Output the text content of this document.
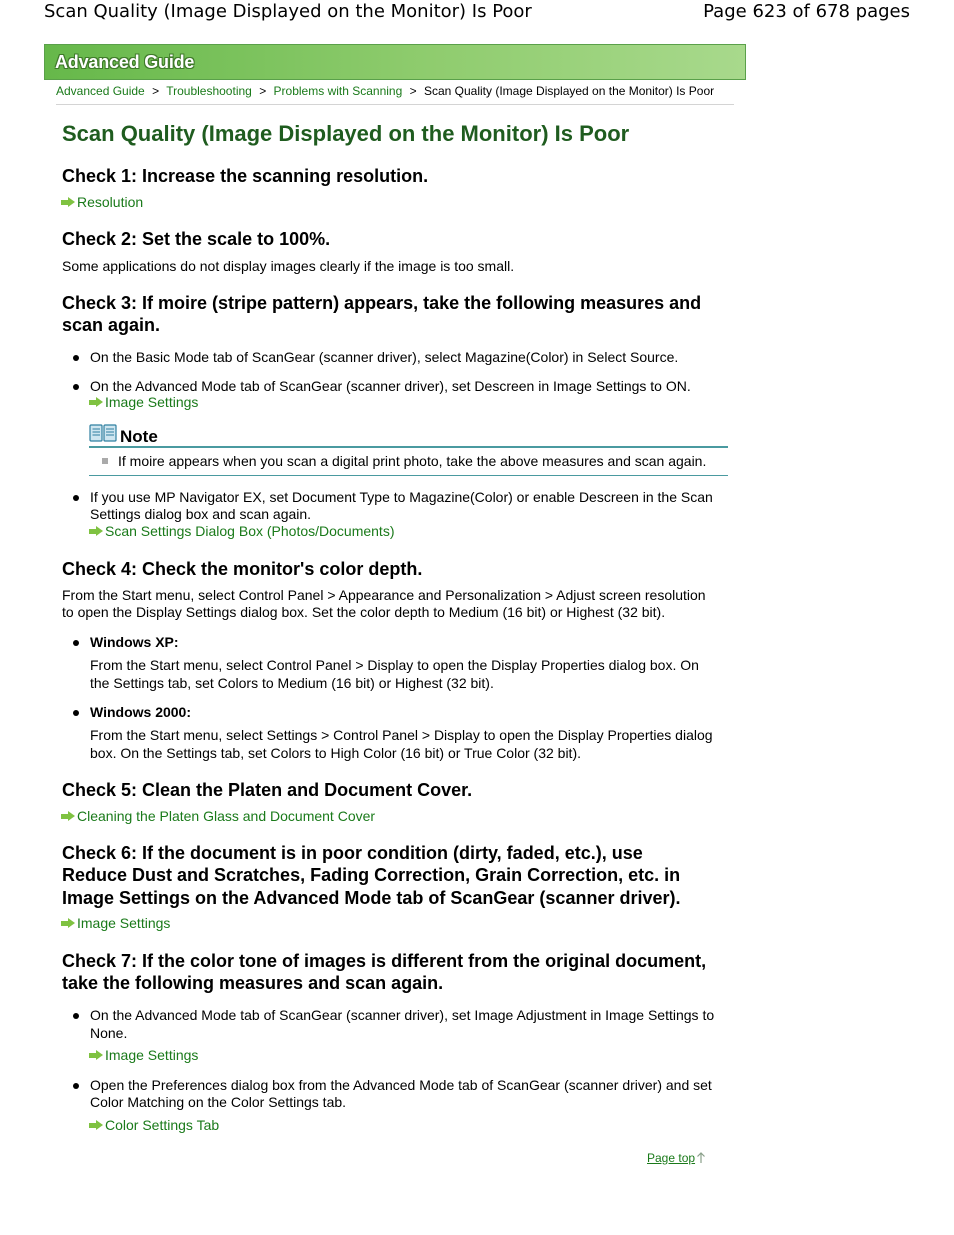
Scan Quality (Image Displayed on the Monitor) Is Poor	Page 623 of 678 pages
Advanced Guide
Advanced Guide > Troubleshooting > Problems with Scanning > Scan Quality (Image Displayed on the Monitor) Is Poor
Scan Quality (Image Displayed on the Monitor) Is Poor
Check 1: Increase the scanning resolution.
Resolution
Check 2: Set the scale to 100%.

Some applications do not display images clearly if the image is too small.

Check 3: If moire (stripe pattern) appears, take the following measures and
scan again.
On the Basic Mode tab of ScanGear (scanner driver), select Magazine(Color) in Select Source.
On the Advanced Mode tab of ScanGear (scanner driver), set Descreen in Image Settings to ON.
Image Settings
Note
If moire appears when you scan a digital print photo, take the above measures and scan again.
If you use MP Navigator EX, set Document Type to Magazine(Color) or enable Descreen in the Scan

Settings dialog box and scan again.

Scan Settings Dialog Box (Photos/Documents)
Check 4: Check the monitor's color depth.

From the Start menu, select Control Panel > Appearance and Personalization > Adjust screen resolution

to open the Display Settings dialog box. Set the color depth to Medium (16 bit) or Highest (32 bit).

Windows XP:

From the Start menu, select Control Panel > Display to open the Display Properties dialog box. On

the Settings tab, set Colors to Medium (16 bit) or Highest (32 bit).

Windows 2000:

From the Start menu, select Settings > Control Panel > Display to open the Display Properties dialog

box. On the Settings tab, set Colors to High Color (16 bit) or True Color (32 bit).

Check 5: Clean the Platen and Document Cover.
Cleaning the Platen Glass and Document Cover
Check 6: If the document is in poor condition (dirty, faded, etc.), use
Reduce Dust and Scratches, Fading Correction, Grain Correction, etc. in
Image Settings on the Advanced Mode tab of ScanGear (scanner driver).
Image Settings
Check 7: If the color tone of images is different from the original document,
take the following measures and scan again.
On the Advanced Mode tab of ScanGear (scanner driver), set Image Adjustment in Image Settings to

None.

Image Settings
Open the Preferences dialog box from the Advanced Mode tab of ScanGear (scanner driver) and set

Color Matching on the Color Settings tab.

Color Settings Tab
Page top
